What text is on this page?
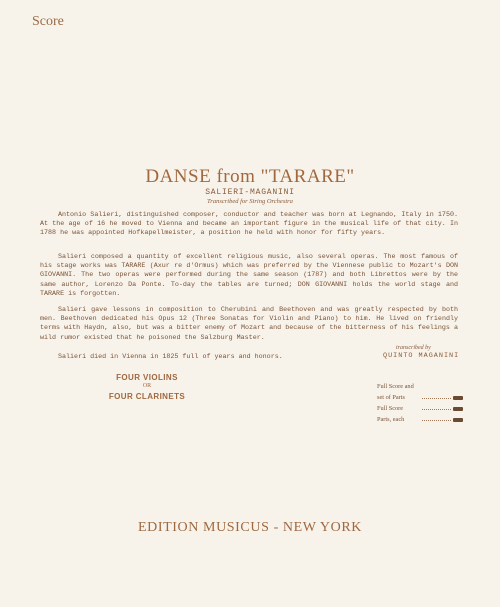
Score
DANSE from "TARARE"
SALIERI-MAGANINI
Transcribed for String Orchestra

Antonio Salieri, distinguished composer, conductor and teacher was born at Legnando, Italy in 1750. At the age of 16 he moved to Vienna and became an important figure in the musical life of that city. In 1788 he was appointed Hofkapellmeister, a position he held with honor for fifty years.

Salieri composed a quantity of excellent religious music, also several operas. The most famous of his stage works was TARARE (Axur re d'Ormus) which was preferred by the Viennese public to Mozart's DON GIOVANNI. The two operas were performed during the same season (1787) and both Librettos were by the same author, Lorenzo Da Ponte. To-day the tables are turned; DON GIOVANNI holds the world stage and TARARE is forgotten.

Salieri gave lessons in composition to Cherubini and Beethoven and was greatly respected by both men. Beethoven dedicated his Opus 12 (Three Sonatas for Violin and Piano) to him. He lived on friendly terms with Haydn, also, but was a bitter enemy of Mozart and because of the bitterness of his feelings a wild rumor existed that he poisoned the Salzburg Master.

Salieri died in Vienna in 1825 full of years and honors.

transcribed by
QUINTO MAGANINI
FOUR VIOLINS
OR
FOUR CLARINETS
Full Score and
set of Parts
Full Score
Parts, each
EDITION MUSICUS - NEW YORK
